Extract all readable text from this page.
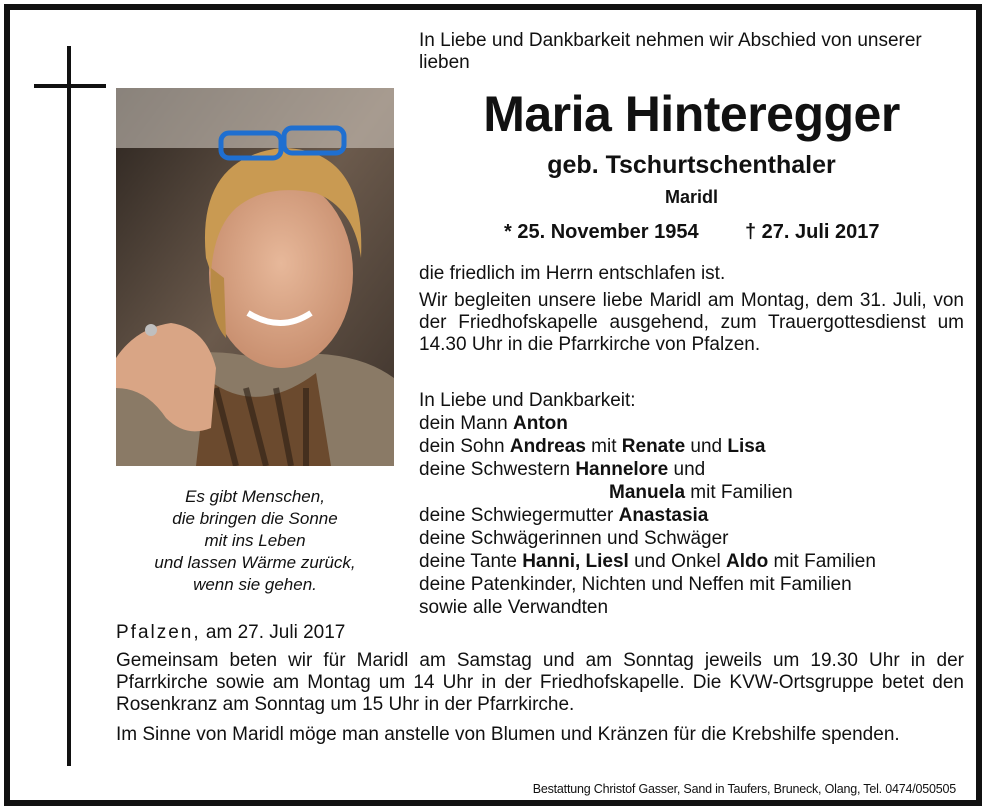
Es gibt Menschen,
die bringen die Sonne
mit ins Leben
und lassen Wärme zurück,
wenn sie gehen.

In Liebe und Dankbarkeit nehmen wir Abschied von unserer lieben

Maria Hinteregger
geb. Tschurtschenthaler
Maridl
* 25. November 1954 † 27. Juli 2017

die friedlich im Herrn entschlafen ist.

Wir begleiten unsere liebe Maridl am Montag, dem 31. Juli, von der Friedhofskapelle ausgehend, zum Trauergottesdienst um 14.30 Uhr in die Pfarrkirche von Pfalzen.

In Liebe und Dankbarkeit:
dein Mann Anton
dein Sohn Andreas mit Renate und Lisa
deine Schwestern Hannelore und
Manuela mit Familien
deine Schwiegermutter Anastasia
deine Schwägerinnen und Schwäger
deine Tante Hanni, Liesl und Onkel Aldo mit Familien
deine Patenkinder, Nichten und Neffen mit Familien
sowie alle Verwandten

Pfalzen, am 27. Juli 2017

Gemeinsam beten wir für Maridl am Samstag und am Sonntag jeweils um 19.30 Uhr in der Pfarrkirche sowie am Montag um 14 Uhr in der Friedhofskapelle. Die KVW-Ortsgruppe betet den Rosenkranz am Sonntag um 15 Uhr in der Pfarrkirche.

Im Sinne von Maridl möge man anstelle von Blumen und Kränzen für die Krebshilfe spenden.

Bestattung Christof Gasser, Sand in Taufers, Bruneck, Olang, Tel. 0474/050505
